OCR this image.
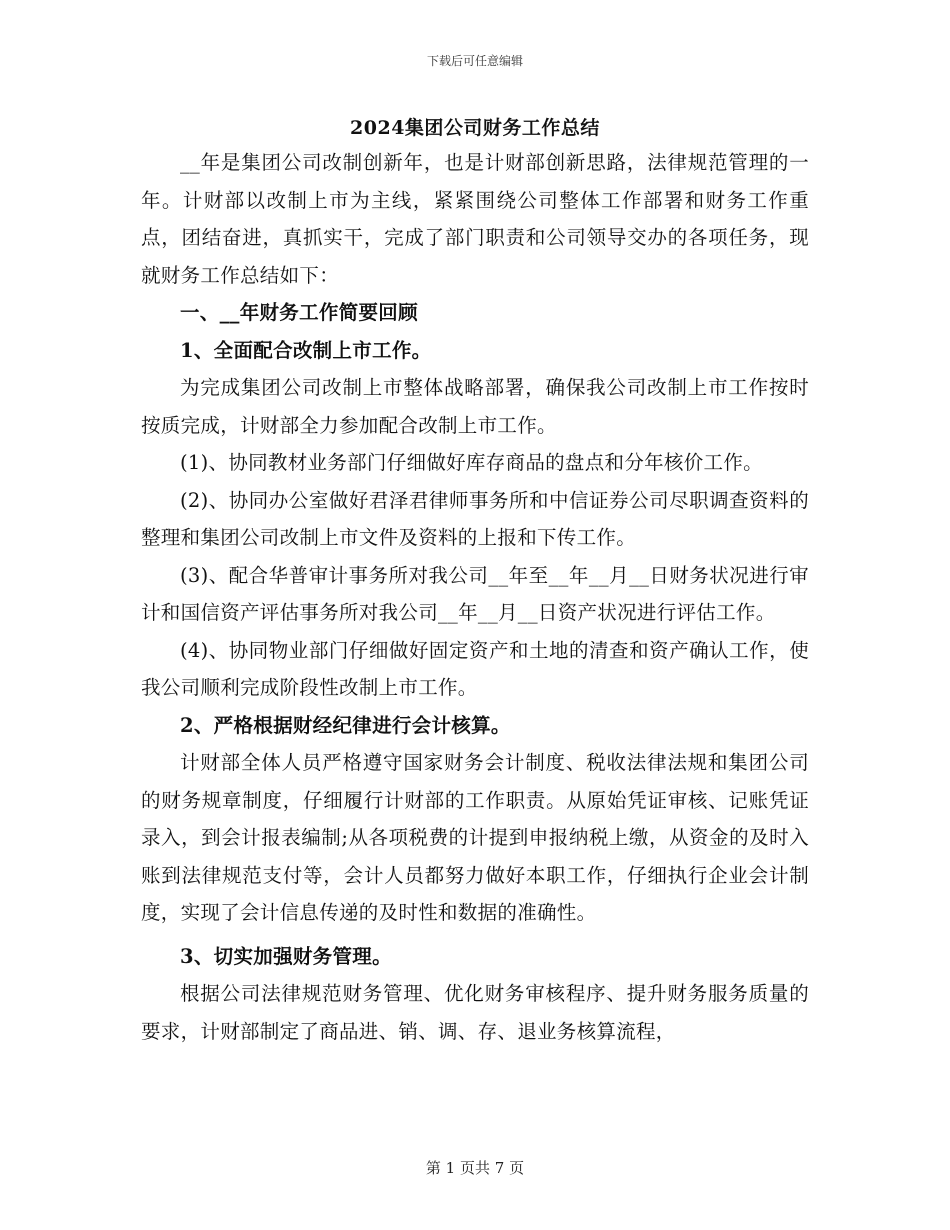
下载后可任意编辑
2024集团公司财务工作总结

__年是集团公司改制创新年，也是计财部创新思路，法律规范管理的一年。计财部以改制上市为主线，紧紧围绕公司整体工作部署和财务工作重点，团结奋进，真抓实干，完成了部门职责和公司领导交办的各项任务，现就财务工作总结如下：

一、__年财务工作简要回顾

1、全面配合改制上市工作。

为完成集团公司改制上市整体战略部署，确保我公司改制上市工作按时按质完成，计财部全力参加配合改制上市工作。

(1)、协同教材业务部门仔细做好库存商品的盘点和分年核价工作。

(2)、协同办公室做好君泽君律师事务所和中信证券公司尽职调查资料的整理和集团公司改制上市文件及资料的上报和下传工作。

(3)、配合华普审计事务所对我公司__年至__年__月__日财务状况进行审计和国信资产评估事务所对我公司__年__月__日资产状况进行评估工作。

(4)、协同物业部门仔细做好固定资产和土地的清查和资产确认工作，使我公司顺利完成阶段性改制上市工作。

2、严格根据财经纪律进行会计核算。

计财部全体人员严格遵守国家财务会计制度、税收法律法规和集团公司的财务规章制度，仔细履行计财部的工作职责。从原始凭证审核、记账凭证录入，到会计报表编制;从各项税费的计提到申报纳税上缴，从资金的及时入账到法律规范支付等，会计人员都努力做好本职工作，仔细执行企业会计制度，实现了会计信息传递的及时性和数据的准确性。

3、切实加强财务管理。

根据公司法律规范财务管理、优化财务审核程序、提升财务服务质量的要求，计财部制定了商品进、销、调、存、退业务核算流程，

第 1 页共 7 页
